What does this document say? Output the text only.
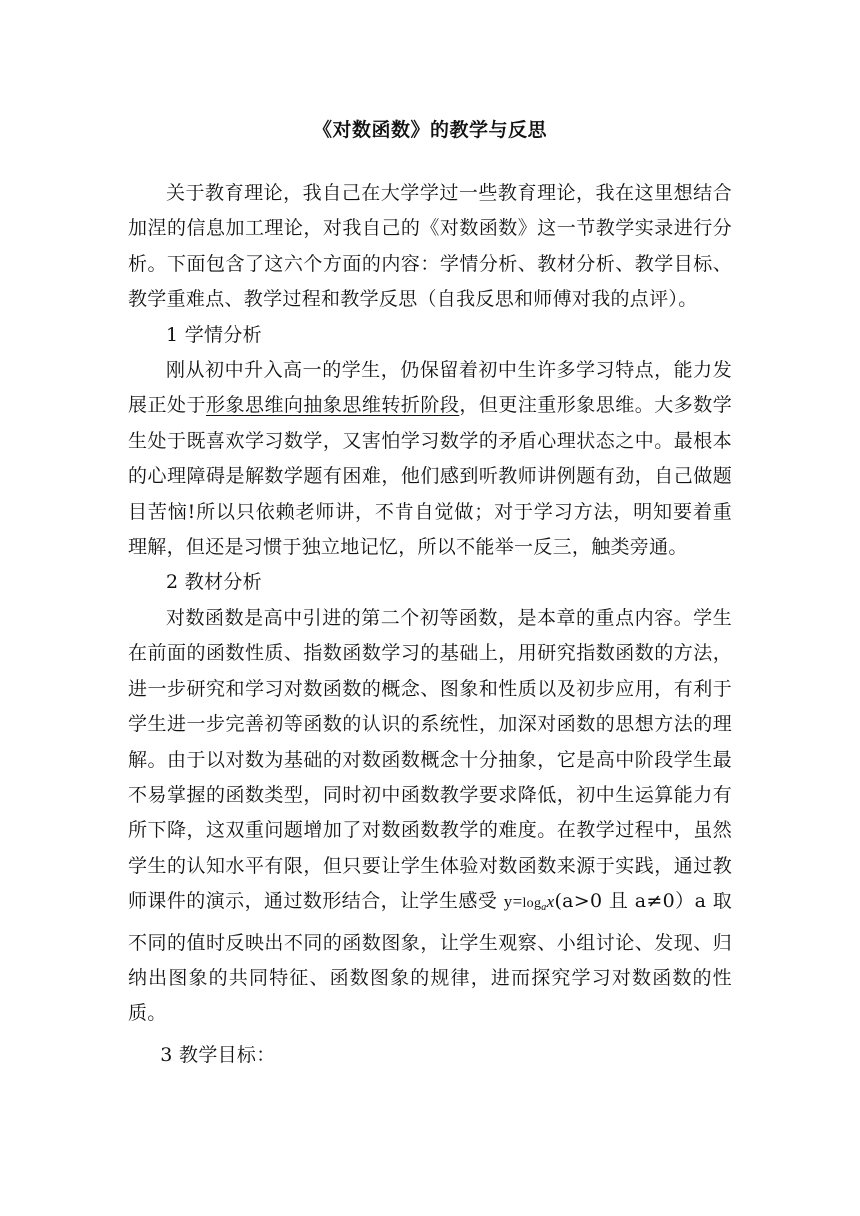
《对数函数》的教学与反思

关于教育理论，我自己在大学学过一些教育理论，我在这里想结合加涅的信息加工理论，对我自己的《对数函数》这一节教学实录进行分析。下面包含了这六个方面的内容：学情分析、教材分析、教学目标、教学重难点、教学过程和教学反思（自我反思和师傅对我的点评）。

1 学情分析

刚从初中升入高一的学生，仍保留着初中生许多学习特点，能力发展正处于形象思维向抽象思维转折阶段，但更注重形象思维。大多数学生处于既喜欢学习数学，又害怕学习数学的矛盾心理状态之中。最根本的心理障碍是解数学题有困难，他们感到听教师讲例题有劲，自己做题目苦恼!所以只依赖老师讲，不肯自觉做；对于学习方法，明知要着重理解，但还是习惯于独立地记忆，所以不能举一反三，触类旁通。

2 教材分析

对数函数是高中引进的第二个初等函数，是本章的重点内容。学生在前面的函数性质、指数函数学习的基础上，用研究指数函数的方法，进一步研究和学习对数函数的概念、图象和性质以及初步应用，有利于学生进一步完善初等函数的认识的系统性，加深对函数的思想方法的理解。由于以对数为基础的对数函数概念十分抽象，它是高中阶段学生最不易掌握的函数类型，同时初中函数教学要求降低，初中生运算能力有所下降，这双重问题增加了对数函数教学的难度。在教学过程中，虽然学生的认知水平有限，但只要让学生体验对数函数来源于实践，通过教师课件的演示，通过数形结合，让学生感受 $y=\log_ax(a>0$ 且 a≠0）a 取不同的值时反映出不同的函数图象，让学生观察、小组讨论、发现、归纳出图象的共同特征、函数图象的规律，进而探究学习对数函数的性质。

3 教学目标：
